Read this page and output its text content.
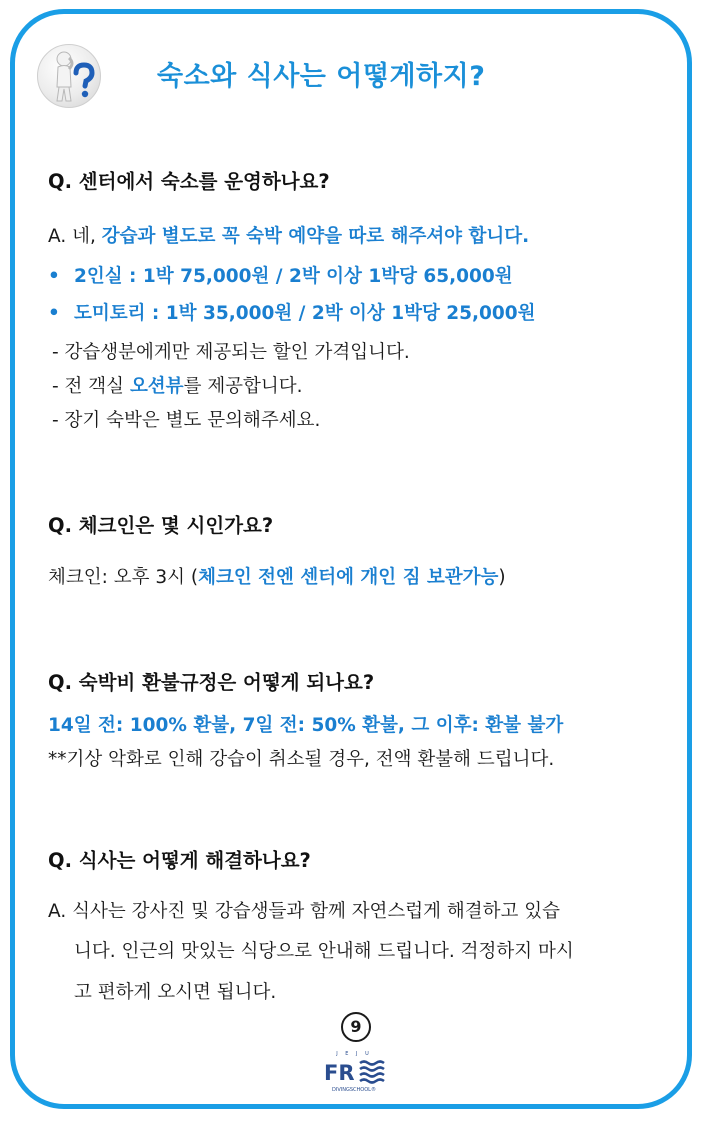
숙소와 식사는 어떻게하지?
Q. 센터에서 숙소를 운영하나요?
A. 네, 강습과 별도로 꼭 숙박 예약을 따로 해주셔야 합니다.
• 2인실 : 1박 75,000원 / 2박 이상 1박당 65,000원
• 도미토리 : 1박 35,000원 / 2박 이상 1박당 25,000원
- 강습생분에게만 제공되는 할인 가격입니다.
- 전 객실 오션뷰를 제공합니다.
- 장기 숙박은 별도 문의해주세요.
Q. 체크인은 몇 시인가요?
체크인: 오후 3시 (체크인 전엔 센터에 개인 짐 보관가능)
Q. 숙박비 환불규정은 어떻게 되나요?
14일 전: 100% 환불, 7일 전: 50% 환불, 그 이후: 환불 불가
**기상 악화로 인해 강습이 취소될 경우, 전액 환불해 드립니다.
Q. 식사는 어떻게 해결하나요?
A. 식사는 강사진 및 강습생들과 함께 자연스럽게 해결하고 있습
니다. 인근의 맛있는 식당으로 안내해 드립니다. 걱정하지 마시
고 편하게 오시면 됩니다.
9
J E J U
FR
DIVINGSCHOOL®
